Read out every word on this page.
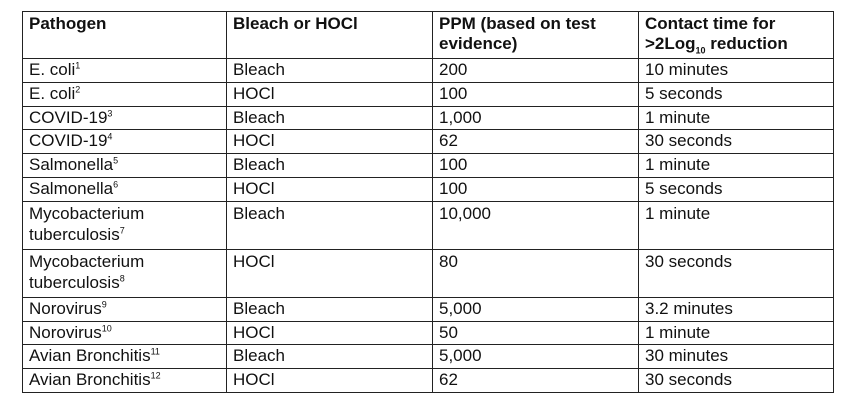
Pathogen	Bleach or HOCl	PPM (based on test evidence)	Contact time for >2Log$_{10}$ reduction
E. coli$^1$	Bleach	200	10 minutes
E. coli$^2$	HOCl	100	5 seconds
COVID-$19^3$	Bleach	1,000	1 minute
COVID-$19^4$	HOCl	62	30 seconds
Salmonella$^5$	Bleach	100	1 minute
Salmonella$^6$	HOCl	100	5 seconds
Mycobacterium tuberculosis$^7$	Bleach	10,000	1 minute
Mycobacterium tuberculosis$^8$	HOCl	80	30 seconds
Norovirus$^9$	Bleach	5,000	3.2 minutes
Norovirus$^{10}$	HOCl	50	1 minute
Avian Bronchitis$^{11}$	Bleach	5,000	30 minutes
Avian Bronchitis$^{12}$	HOCl	62	30 seconds
